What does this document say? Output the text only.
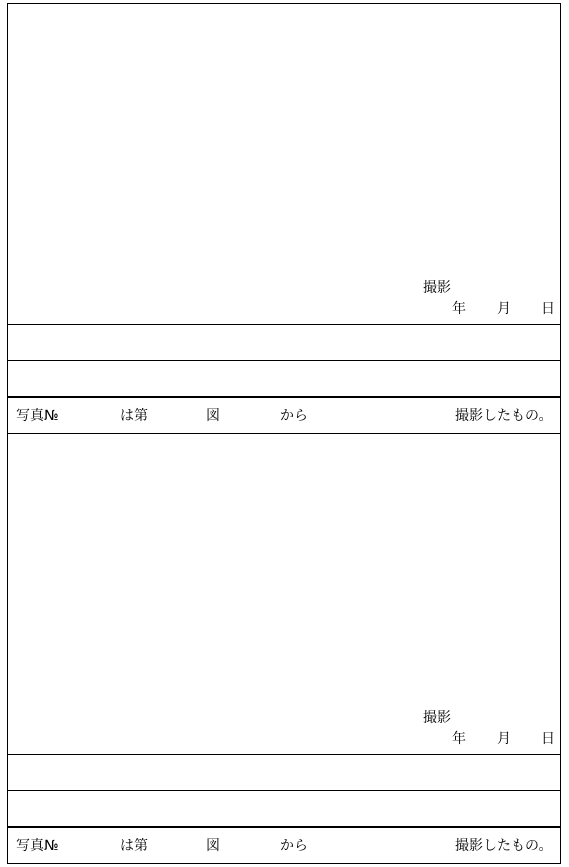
撮影
年 月 日
写真№	は第	図	から	撮影したもの。
撮影
年 月 日
写真№	は第	図	から	撮影したもの。
